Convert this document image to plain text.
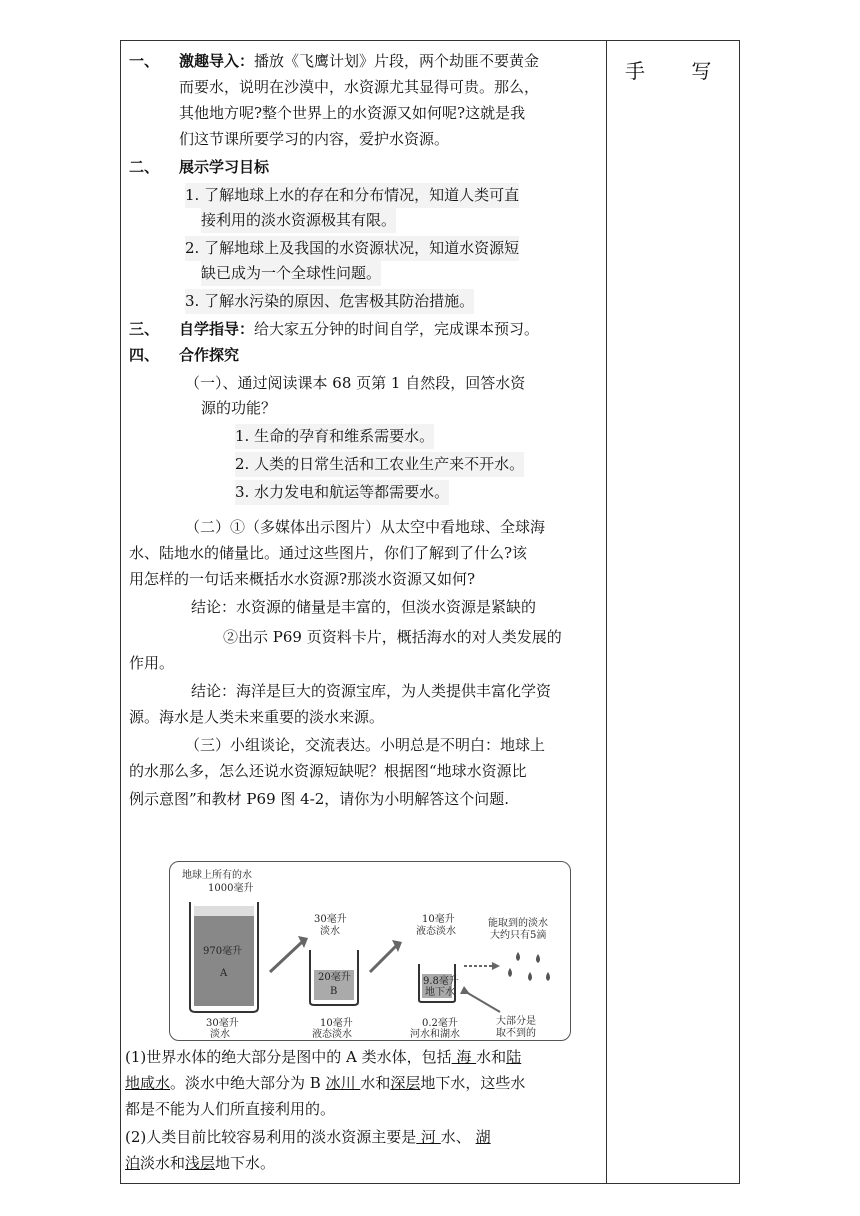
手 写
一、 激趣导入：播放《飞鹰计划》片段，两个劫匪不要黄金
而要水，说明在沙漠中，水资源尤其显得可贵。那么，
其他地方呢?整个世界上的水资源又如何呢?这就是我
们这节课所要学习的内容，爱护水资源。
二、 展示学习目标
1. 了解地球上水的存在和分布情况，知道人类可直
接利用的淡水资源极其有限。
2. 了解地球上及我国的水资源状况，知道水资源短
缺已成为一个全球性问题。
3. 了解水污染的原因、危害极其防治措施。
三、 自学指导：给大家五分钟的时间自学，完成课本预习。
四、 合作探究
（一）、通过阅读课本 68 页第 1 自然段，回答水资
源的功能？
1. 生命的孕育和维系需要水。
2. 人类的日常生活和工农业生产来不开水。
3. 水力发电和航运等都需要水。
（二）①（多媒体出示图片）从太空中看地球、全球海
水、陆地水的储量比。通过这些图片，你们了解到了什么?该
用怎样的一句话来概括水水资源?那淡水资源又如何?
结论：水资源的储量是丰富的，但淡水资源是紧缺的
②出示 P69 页资料卡片，概括海水的对人类发展的
作用。
结论：海洋是巨大的资源宝库，为人类提供丰富化学资
源。海水是人类未来重要的淡水来源。
（三）小组谈论，交流表达。小明总是不明白：地球上
的水那么多，怎么还说水资源短缺呢？根据图“地球水资源比
例示意图”和教材 P69 图 4-2，请你为小明解答这个问题.
地球上所有的水
1000毫升
970毫升
A
30毫升
淡水
30毫升
淡水
20毫升
B
10毫升
液态淡水
10毫升
液态淡水
9.8毫升
地下水
0.2毫升
河水和湖水
能取到的淡水
大约只有5滴
大部分是
取不到的
(1)世界水体的绝大部分是图中的 A 类水体，包括 海 水和陆
地咸水。淡水中绝大部分为 B 冰川 水和深层地下水，这些水
都是不能为人们所直接利用的。
(2)人类目前比较容易利用的淡水资源主要是 河 水、 湖
泊淡水和浅层地下水。
